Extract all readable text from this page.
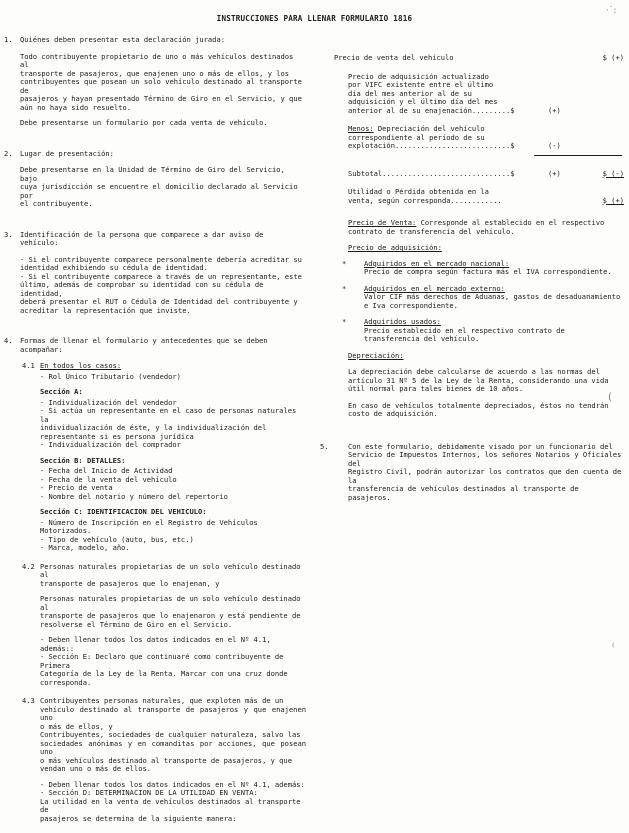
INSTRUCCIONES PARA LLENAR FORMULARIO 1816
1.	Quiénes deben presentar esta declaración jurada:
Todo contribuyente propietario de uno o más vehículos destinados al
transporte de pasajeros, que enajenen uno o más de ellos, y los
contribuyentes que posean un solo vehículo destinado al transporte de
pasajeros y hayan presentado Término de Giro en el Servicio, y que
aún no haya sido resuelto.
Debe presentarse un formulario por cada venta de vehículo.
2.	Lugar de presentación:
Debe presentarse en la Unidad de Término de Giro del Servicio, bajo
cuya jurisdicción se encuentre el domicilio declarado al Servicio por
el contribuyente.
3.	Identificación de la persona que comparece a dar aviso de vehículo:
- Si el contribuyente comparece personalmente debería acreditar su
identidad exhibiendo su cédula de identidad.
- Si el contribuyente comparece a través de un representante, este
último, además de comprobar su identidad con su cédula de identidad,
deberá presentar el RUT o Cédula de Identidad del contribuyente y
acreditar la representación que inviste.
4.	Formas de llenar el formulario y antecedentes que se deben acompañar:
4.1 En todos los casos:
- Rol Único Tributario (vendedor)
Sección A:
- Individualización del vendedor
- Si actúa un representante en el caso de personas naturales la
individualización de éste, y la individualización del
representante si es persona jurídica
- Individualización del comprador
Sección B: DETALLES:
- Fecha del Inicio de Actividad
- Fecha de la venta del vehículo
- Precio de venta
- Nombre del notario y número del repertorio
Sección C: IDENTIFICACION DEL VEHICULO:
- Número de Inscripción en el Registro de Vehículos Motorizados.
- Tipo de vehículo (auto, bus, etc.)
- Marca, modelo, año.
4.2 Personas naturales propietarias de un solo vehículo destinado al
transporte de pasajeros que lo enajenan, y
Personas naturales propietarias de un solo vehículo destinado al
transporte de pasajeros que lo enajenaron y está pendiente de
resolverse el Término de Giro en el Servicio.
- Deben llenar todos los datos indicados en el Nº 4.1, además::
- Sección E: Declaro que continuaré como contribuyente de Primera
Categoría de la Ley de la Renta. Marcar con una cruz donde
corresponda.
4.3 Contribuyentes personas naturales, que exploten más de un
vehículo destinado al transporte de pasajeros y que enajenen uno
o más de ellos, y
Contribuyentes, sociedades de cualquier naturaleza, salvo las
sociedades anónimas y en comanditas por acciones, que posean uno
o más vehículos destinado al transporte de pasajeros, y que
vendan uno o más de ellos.
- Deben llenar todos los datos indicados en el Nº 4.1, además:
- Sección D: DETERMINACION DE LA UTILIDAD EN VENTA:
La utilidad en la venta de vehículos destinados al transporte de
pasajeros se determina de la siguiente manera:
Precio de venta del vehículo	$ (+)
Precio de adquisición actualizado
por VIFC existente entre el último
día del mes anterior al de su
adquisición y el último día del mes
anterior al de su enajenación.........$	(+)
Menos: Depreciación del vehículo
correspondiente al período de su
explotación...........................$	(-)
Subtotal..............................$	(+)	$ (-)
Utilidad o Pérdida obtenida en la
venta, según corresponda............	$ (+)
Precio de Venta: Corresponde al establecido en el respectivo
contrato de transferencia del vehículo.
Precio de adquisición:
*	Adquiridos en el mercado nacional:
Precio de compra según factura más el IVA correspondiente.
*	Adquiridos en el mercado externo:
Valor CIF más derechos de Aduanas, gastos de desaduanamiento
e Iva correspondiente.
*	Adquiridos usados:
Precio establecido en el respectivo contrato de
transferencia del vehículo.
Depreciación:
La depreciación debe calcularse de acuerdo a las normas del
artículo 31 Nº 5 de la Ley de la Renta, considerando una vida
útil normal para tales bienes de 10 años.
En caso de vehículos totalmente depreciados, éstos no tendrán
costo de adquisición.
5.	Con este formulario, debidamente visado por un funcionario del
Servicio de Impuestos Internos, los señores Notarios y Oficiales del
Registro Civil, podrán autorizar los contratos que den cuenta de la
transferencia de vehículos destinados al transporte de pasajeros.
·˙:
⁽
(
